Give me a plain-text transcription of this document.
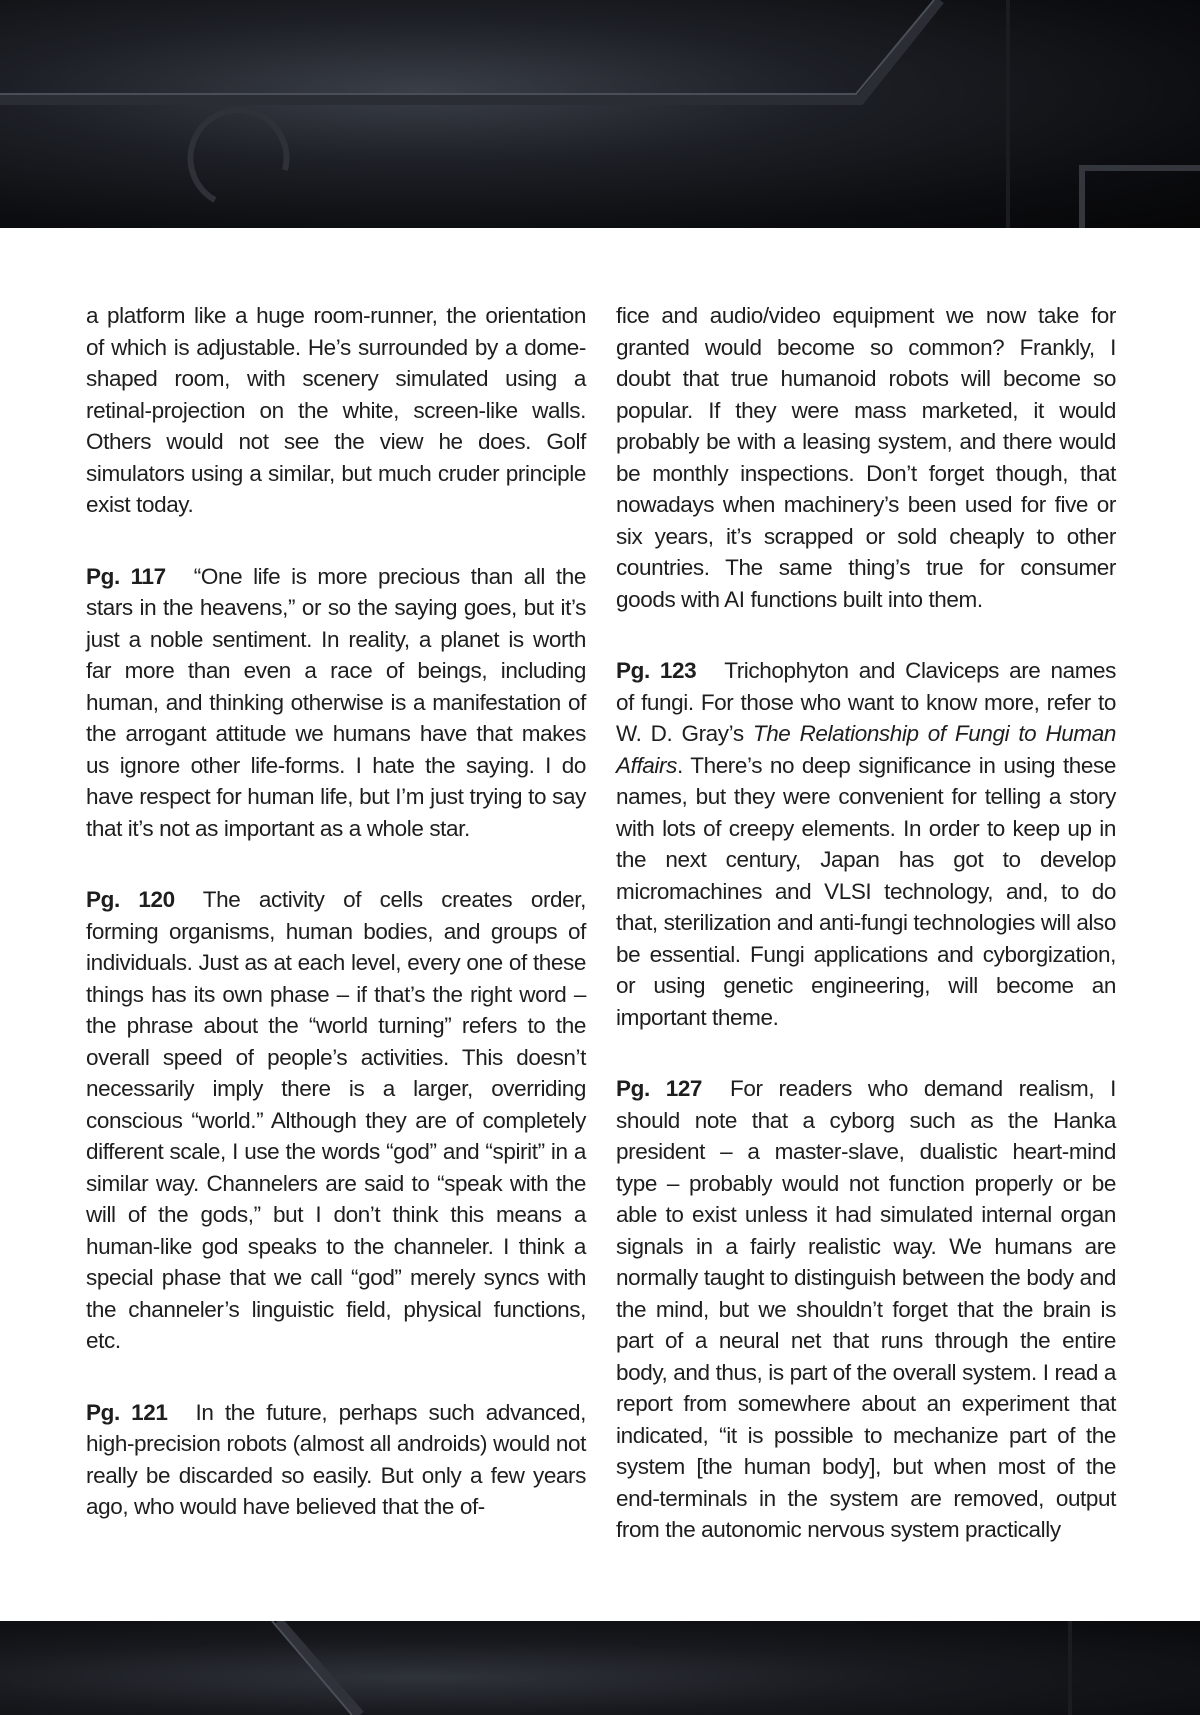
a platform like a huge room-runner, the orientation of which is adjustable. He’s surrounded by a dome-shaped room, with scenery simulated using a retinal-projection on the white, screen-like walls. Others would not see the view he does. Golf simulators using a similar, but much cruder principle exist today.

Pg. 117 “One life is more precious than all the stars in the heavens,” or so the saying goes, but it’s just a noble sentiment. In reality, a planet is worth far more than even a race of beings, including human, and thinking otherwise is a manifestation of the arrogant attitude we humans have that makes us ignore other life-forms. I hate the saying. I do have respect for human life, but I’m just trying to say that it’s not as important as a whole star.

Pg. 120 The activity of cells creates order, forming organisms, human bodies, and groups of individuals. Just as at each level, every one of these things has its own phase – if that’s the right word – the phrase about the “world turning” refers to the overall speed of people’s activities. This doesn’t necessarily imply there is a larger, overriding conscious “world.” Although they are of completely different scale, I use the words “god” and “spirit” in a similar way. Channelers are said to “speak with the will of the gods,” but I don’t think this means a human-like god speaks to the channeler. I think a special phase that we call “god” merely syncs with the channeler’s linguistic field, physical functions, etc.

Pg. 121 In the future, perhaps such advanced, high-precision robots (almost all androids) would not really be discarded so easily. But only a few years ago, who would have believed that the of-

fice and audio/video equipment we now take for granted would become so common? Frankly, I doubt that true humanoid robots will become so popular. If they were mass marketed, it would probably be with a leasing system, and there would be monthly inspections. Don’t forget though, that nowadays when machinery’s been used for five or six years, it’s scrapped or sold cheaply to other countries. The same thing’s true for consumer goods with AI functions built into them.

Pg. 123 Trichophyton and Claviceps are names of fungi. For those who want to know more, refer to W. D. Gray’s The Relationship of Fungi to Human Affairs. There’s no deep significance in using these names, but they were convenient for telling a story with lots of creepy elements. In order to keep up in the next century, Japan has got to develop micromachines and VLSI technology, and, to do that, sterilization and anti-fungi technologies will also be essential. Fungi applications and cyborgization, or using genetic engineering, will become an important theme.

Pg. 127 For readers who demand realism, I should note that a cyborg such as the Hanka president – a master-slave, dualistic heart-mind type – probably would not function properly or be able to exist unless it had simulated internal organ signals in a fairly realistic way. We humans are normally taught to distinguish between the body and the mind, but we shouldn’t forget that the brain is part of a neural net that runs through the entire body, and thus, is part of the overall system. I read a report from somewhere about an experiment that indicated, “it is possible to mechanize part of the system [the human body], but when most of the end-terminals in the system are removed, output from the autonomic nervous system practically
